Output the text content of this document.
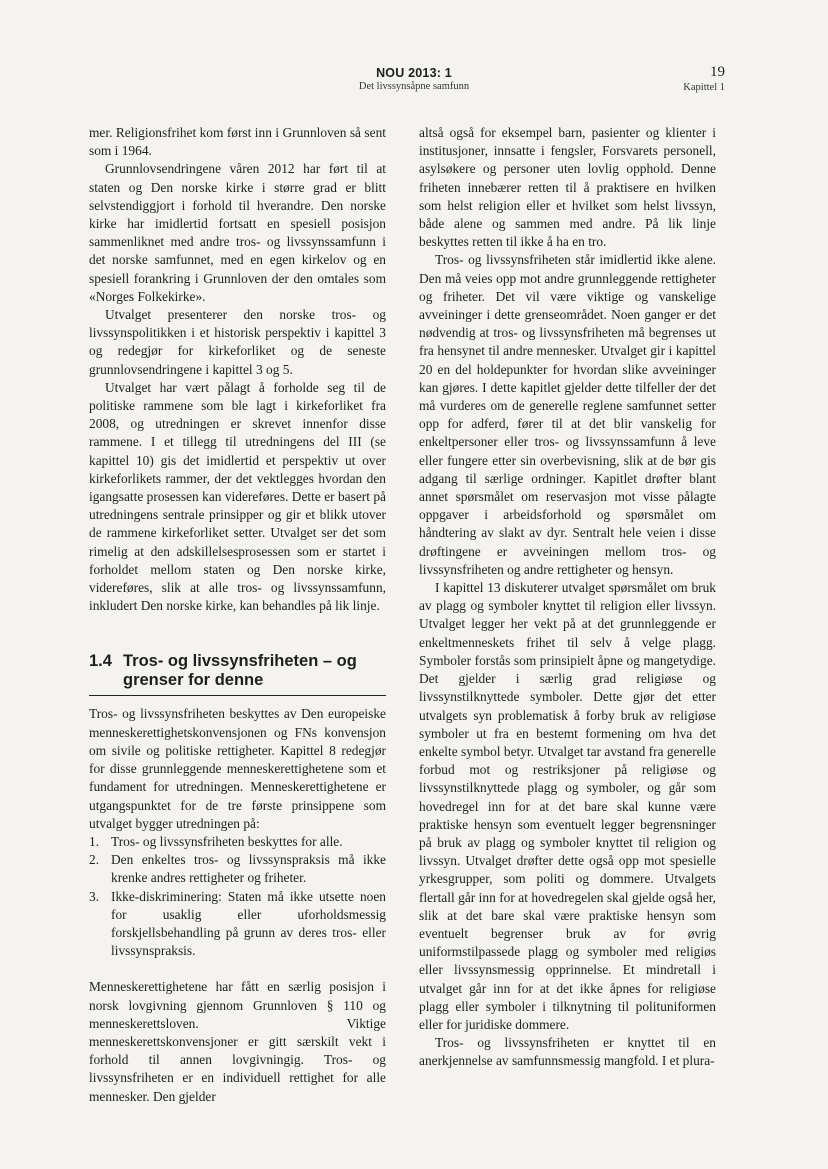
NOU 2013: 1
Det livssynsåpne samfunn
19
Kapittel 1

mer. Religionsfrihet kom først inn i Grunnloven så sent som i 1964.

Grunnlovsendringene våren 2012 har ført til at staten og Den norske kirke i større grad er blitt selvstendiggjort i forhold til hverandre. Den norske kirke har imidlertid fortsatt en spesiell posisjon sammenliknet med andre tros- og livssynssamfunn i det norske samfunnet, med en egen kirkelov og en spesiell forankring i Grunnloven der den omtales som «Norges Folkekirke».

Utvalget presenterer den norske tros- og livssynspolitikken i et historisk perspektiv i kapittel 3 og redegjør for kirkeforliket og de seneste grunnlovsendringene i kapittel 3 og 5.

Utvalget har vært pålagt å forholde seg til de politiske rammene som ble lagt i kirkeforliket fra 2008, og utredningen er skrevet innenfor disse rammene. I et tillegg til utredningens del III (se kapittel 10) gis det imidlertid et perspektiv ut over kirkeforlikets rammer, der det vektlegges hvordan den igangsatte prosessen kan videreføres. Dette er basert på utredningens sentrale prinsipper og gir et blikk utover de rammene kirkeforliket setter. Utvalget ser det som rimelig at den adskillelsesprosessen som er startet i forholdet mellom staten og Den norske kirke, videreføres, slik at alle tros- og livssynssamfunn, inkludert Den norske kirke, kan behandles på lik linje.

1.4 Tros- og livssynsfriheten – og grenser for denne

Tros- og livssynsfriheten beskyttes av Den europeiske menneskerettighetskonvensjonen og FNs konvensjon om sivile og politiske rettigheter. Kapittel 8 redegjør for disse grunnleggende menneskerettighetene som et fundament for utredningen. Menneskerettighetene er utgangspunktet for de tre første prinsippene som utvalget bygger utredningen på:

1. Tros- og livssynsfriheten beskyttes for alle.
2. Den enkeltes tros- og livssynspraksis må ikke krenke andres rettigheter og friheter.
3. Ikke-diskriminering: Staten må ikke utsette noen for usaklig eller uforholdsmessig forskjellsbehandling på grunn av deres tros- eller livssynspraksis.

Menneskerettighetene har fått en særlig posisjon i norsk lovgivning gjennom Grunnloven § 110 og menneskerettsloven. Viktige menneskerettskonvensjoner er gitt særskilt vekt i forhold til annen lovgivningig. Tros- og livssynsfriheten er en individuell rettighet for alle mennesker. Den gjelder

altså også for eksempel barn, pasienter og klienter i institusjoner, innsatte i fengsler, Forsvarets personell, asylsøkere og personer uten lovlig opphold. Denne friheten innebærer retten til å praktisere en hvilken som helst religion eller et hvilket som helst livssyn, både alene og sammen med andre. På lik linje beskyttes retten til ikke å ha en tro.

Tros- og livssynsfriheten står imidlertid ikke alene. Den må veies opp mot andre grunnleggende rettigheter og friheter. Det vil være viktige og vanskelige avveininger i dette grenseområdet. Noen ganger er det nødvendig at tros- og livssynsfriheten må begrenses ut fra hensynet til andre mennesker. Utvalget gir i kapittel 20 en del holdepunkter for hvordan slike avveininger kan gjøres. I dette kapitlet gjelder dette tilfeller der det må vurderes om de generelle reglene samfunnet setter opp for adferd, fører til at det blir vanskelig for enkeltpersoner eller tros- og livssynssamfunn å leve eller fungere etter sin overbevisning, slik at de bør gis adgang til særlige ordninger. Kapitlet drøfter blant annet spørsmålet om reservasjon mot visse pålagte oppgaver i arbeidsforhold og spørsmålet om håndtering av slakt av dyr. Sentralt hele veien i disse drøftingene er avveiningen mellom tros- og livssynsfriheten og andre rettigheter og hensyn.

I kapittel 13 diskuterer utvalget spørsmålet om bruk av plagg og symboler knyttet til religion eller livssyn. Utvalget legger her vekt på at det grunnleggende er enkeltmenneskets frihet til selv å velge plagg. Symboler forstås som prinsipielt åpne og mangetydige. Det gjelder i særlig grad religiøse og livssynstilknyttede symboler. Dette gjør det etter utvalgets syn problematisk å forby bruk av religiøse symboler ut fra en bestemt formening om hva det enkelte symbol betyr. Utvalget tar avstand fra generelle forbud mot og restriksjoner på religiøse og livssynstilknyttede plagg og symboler, og går som hovedregel inn for at det bare skal kunne være praktiske hensyn som eventuelt legger begrensninger på bruk av plagg og symboler knyttet til religion og livssyn. Utvalget drøfter dette også opp mot spesielle yrkesgrupper, som politi og dommere. Utvalgets flertall går inn for at hovedregelen skal gjelde også her, slik at det bare skal være praktiske hensyn som eventuelt begrenser bruk av for øvrig uniformstilpassede plagg og symboler med religiøs eller livssynsmessig opprinnelse. Et mindretall i utvalget går inn for at det ikke åpnes for religiøse plagg eller symboler i tilknytning til polituniformen eller for juridiske dommere.

Tros- og livssynsfriheten er knyttet til en anerkjennelse av samfunnsmessig mangfold. I et plura-
